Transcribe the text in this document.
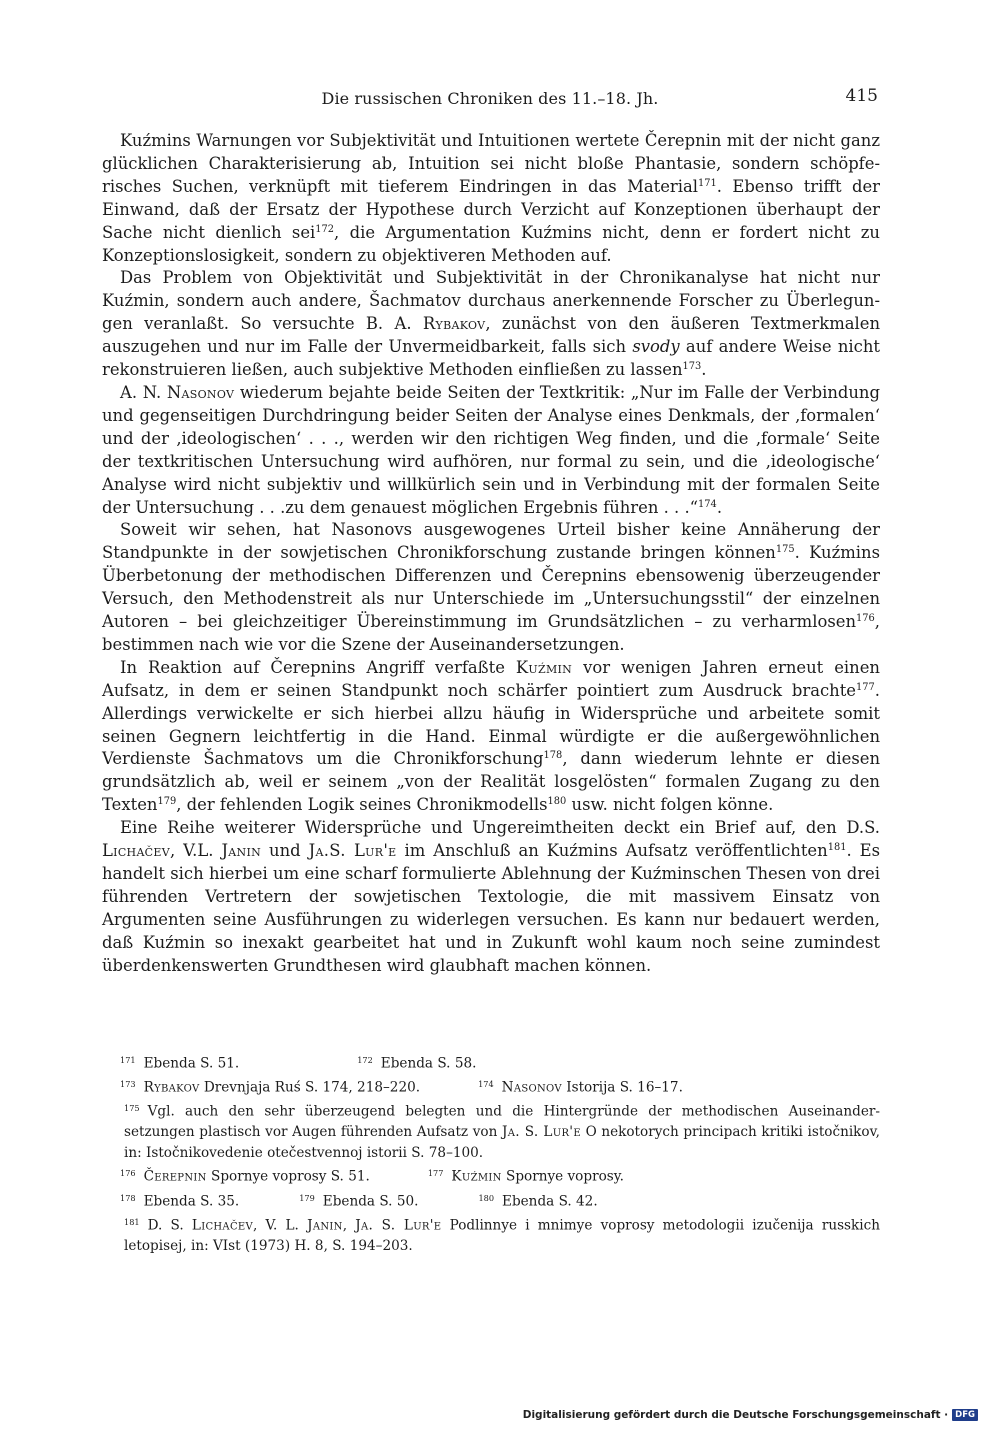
Die russischen Chroniken des 11.–18. Jh.	415

Kuźmins Warnungen vor Subjektivität und Intuitionen wertete Čerepnin mit der nicht ganz glücklichen Charakterisierung ab, Intuition sei nicht bloße Phantasie, sondern schöpferisches Suchen, verknüpft mit tieferem Eindringen in das Material$^{171}$. Ebenso trifft der Einwand, daß der Ersatz der Hypothese durch Verzicht auf Konzeptionen überhaupt der Sache nicht dienlich sei$^{172}$, die Argumentation Kuźmins nicht, denn er fordert nicht zu Konzeptionslosigkeit, sondern zu objektiveren Methoden auf.

Das Problem von Objektivität und Subjektivität in der Chronikanalyse hat nicht nur Kuźmin, sondern auch andere, Šachmatov durchaus anerkennende Forscher zu Überlegungen veranlaßt. So versuchte B. A. Rybakov, zunächst von den äußeren Textmerkmalen auszugehen und nur im Falle der Unvermeidbarkeit, falls sich svody auf andere Weise nicht rekonstruieren ließen, auch subjektive Methoden einfließen zu lassen$^{173}$.

A. N. Nasonov wiederum bejahte beide Seiten der Textkritik: „Nur im Falle der Verbindung und gegenseitigen Durchdringung beider Seiten der Analyse eines Denkmals, der ‚formalen‘ und der ‚ideologischen‘ . . ., werden wir den richtigen Weg finden, und die ‚formale‘ Seite der textkritischen Untersuchung wird aufhören, nur formal zu sein, und die ‚ideologische‘ Analyse wird nicht subjektiv und willkürlich sein und in Verbindung mit der formalen Seite der Untersuchung . . .zu dem genauest möglichen Ergebnis führen . . .“$^{174}$.

Soweit wir sehen, hat Nasonovs ausgewogenes Urteil bisher keine Annäherung der Standpunkte in der sowjetischen Chronikforschung zustande bringen können$^{175}$. Kuźmins Überbetonung der methodischen Differenzen und Čerepnins ebensowenig überzeugender Versuch, den Methodenstreit als nur Unterschiede im „Untersuchungsstil“ der einzelnen Autoren – bei gleichzeitiger Übereinstimmung im Grundsätzlichen – zu verharmlosen$^{176}$, bestimmen nach wie vor die Szene der Auseinandersetzungen.

In Reaktion auf Čerepnins Angriff verfaßte Kuźmin vor wenigen Jahren erneut einen Aufsatz, in dem er seinen Standpunkt noch schärfer pointiert zum Ausdruck brachte$^{177}$. Allerdings verwickelte er sich hierbei allzu häufig in Widersprüche und arbeitete somit seinen Gegnern leichtfertig in die Hand. Einmal würdigte er die außergewöhnlichen Verdienste Šachmatovs um die Chronikforschung$^{178}$, dann wiederum lehnte er diesen grundsätzlich ab, weil er seinem „von der Realität losgelösten“ formalen Zugang zu den Texten$^{179}$, der fehlenden Logik seines Chronikmodells$^{180}$ usw. nicht folgen könne.

Eine Reihe weiterer Widersprüche und Ungereimtheiten deckt ein Brief auf, den D.S. Lichačev, V.L. Janin und Ja.S. Lur'e im Anschluß an Kuźmins Aufsatz veröffentlichten$^{181}$. Es handelt sich hierbei um eine scharf formulierte Ablehnung der Kuźminschen Thesen von drei führenden Vertretern der sowjetischen Textologie, die mit massivem Einsatz von Argumenten seine Ausführungen zu widerlegen versuchen. Es kann nur bedauert werden, daß Kuźmin so inexakt gearbeitet hat und in Zukunft wohl kaum noch seine zumindest überdenkenswerten Grundthesen wird glaubhaft machen können.

$^{171}$ Ebenda S. 51.	$^{172}$ Ebenda S. 58.

$^{173}$ Rybakov Drevnjaja Ruś S. 174, 218–220.	$^{174}$ Nasonov Istorija S. 16–17.

$^{175}$ Vgl. auch den sehr überzeugend belegten und die Hintergründe der methodischen Auseinandersetzungen plastisch vor Augen führenden Aufsatz von Ja. S. Lur'e O nekotorych principach kritiki istočnikov, in: Istočnikovedenie otečestvennoj istorii S. 78–100.

$^{176}$ Čerepnin Spornye voprosy S. 51.	$^{177}$ Kuźmin Spornye voprosy.

$^{178}$ Ebenda S. 35.	$^{179}$ Ebenda S. 50.	$^{180}$ Ebenda S. 42.

$^{181}$ D. S. Lichačev, V. L. Janin, Ja. S. Lur'e Podlinnye i mnimye voprosy metodologii izučenija russkich letopisej, in: VIst (1973) H. 8, S. 194–203.

Digitalisierung gefördert durch die Deutsche Forschungsgemeinschaft · DFG
